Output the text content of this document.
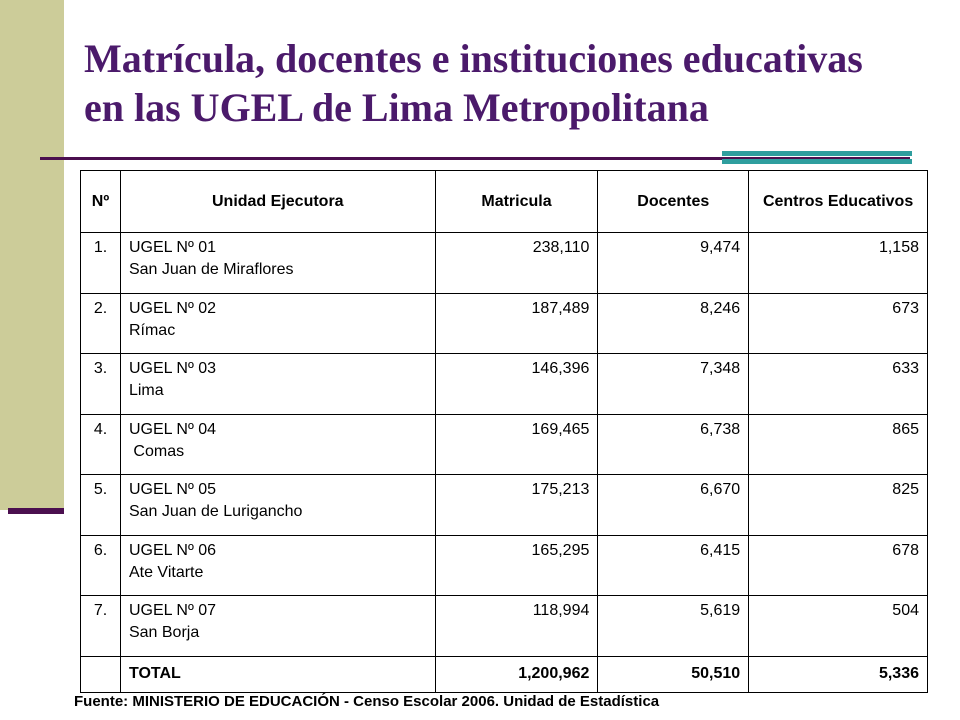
Matrícula, docentes e instituciones educativas
en las UGEL de Lima Metropolitana
Nº	Unidad Ejecutora	Matricula	Docentes	Centros Educativos
1.	UGEL Nº 01
San Juan de Miraflores	238,110	9,474	1,158
2.	UGEL Nº 02
Rímac	187,489	8,246	673
3.	UGEL Nº 03
Lima	146,396	7,348	633
4.	UGEL Nº 04
Comas	169,465	6,738	865
5.	UGEL Nº 05
San Juan de Lurigancho	175,213	6,670	825
6.	UGEL Nº 06
Ate Vitarte	165,295	6,415	678
7.	UGEL Nº 07
San Borja	118,994	5,619	504
	TOTAL	1,200,962	50,510	5,336
Fuente: MINISTERIO DE EDUCACIÓN - Censo Escolar 2006. Unidad de Estadística
